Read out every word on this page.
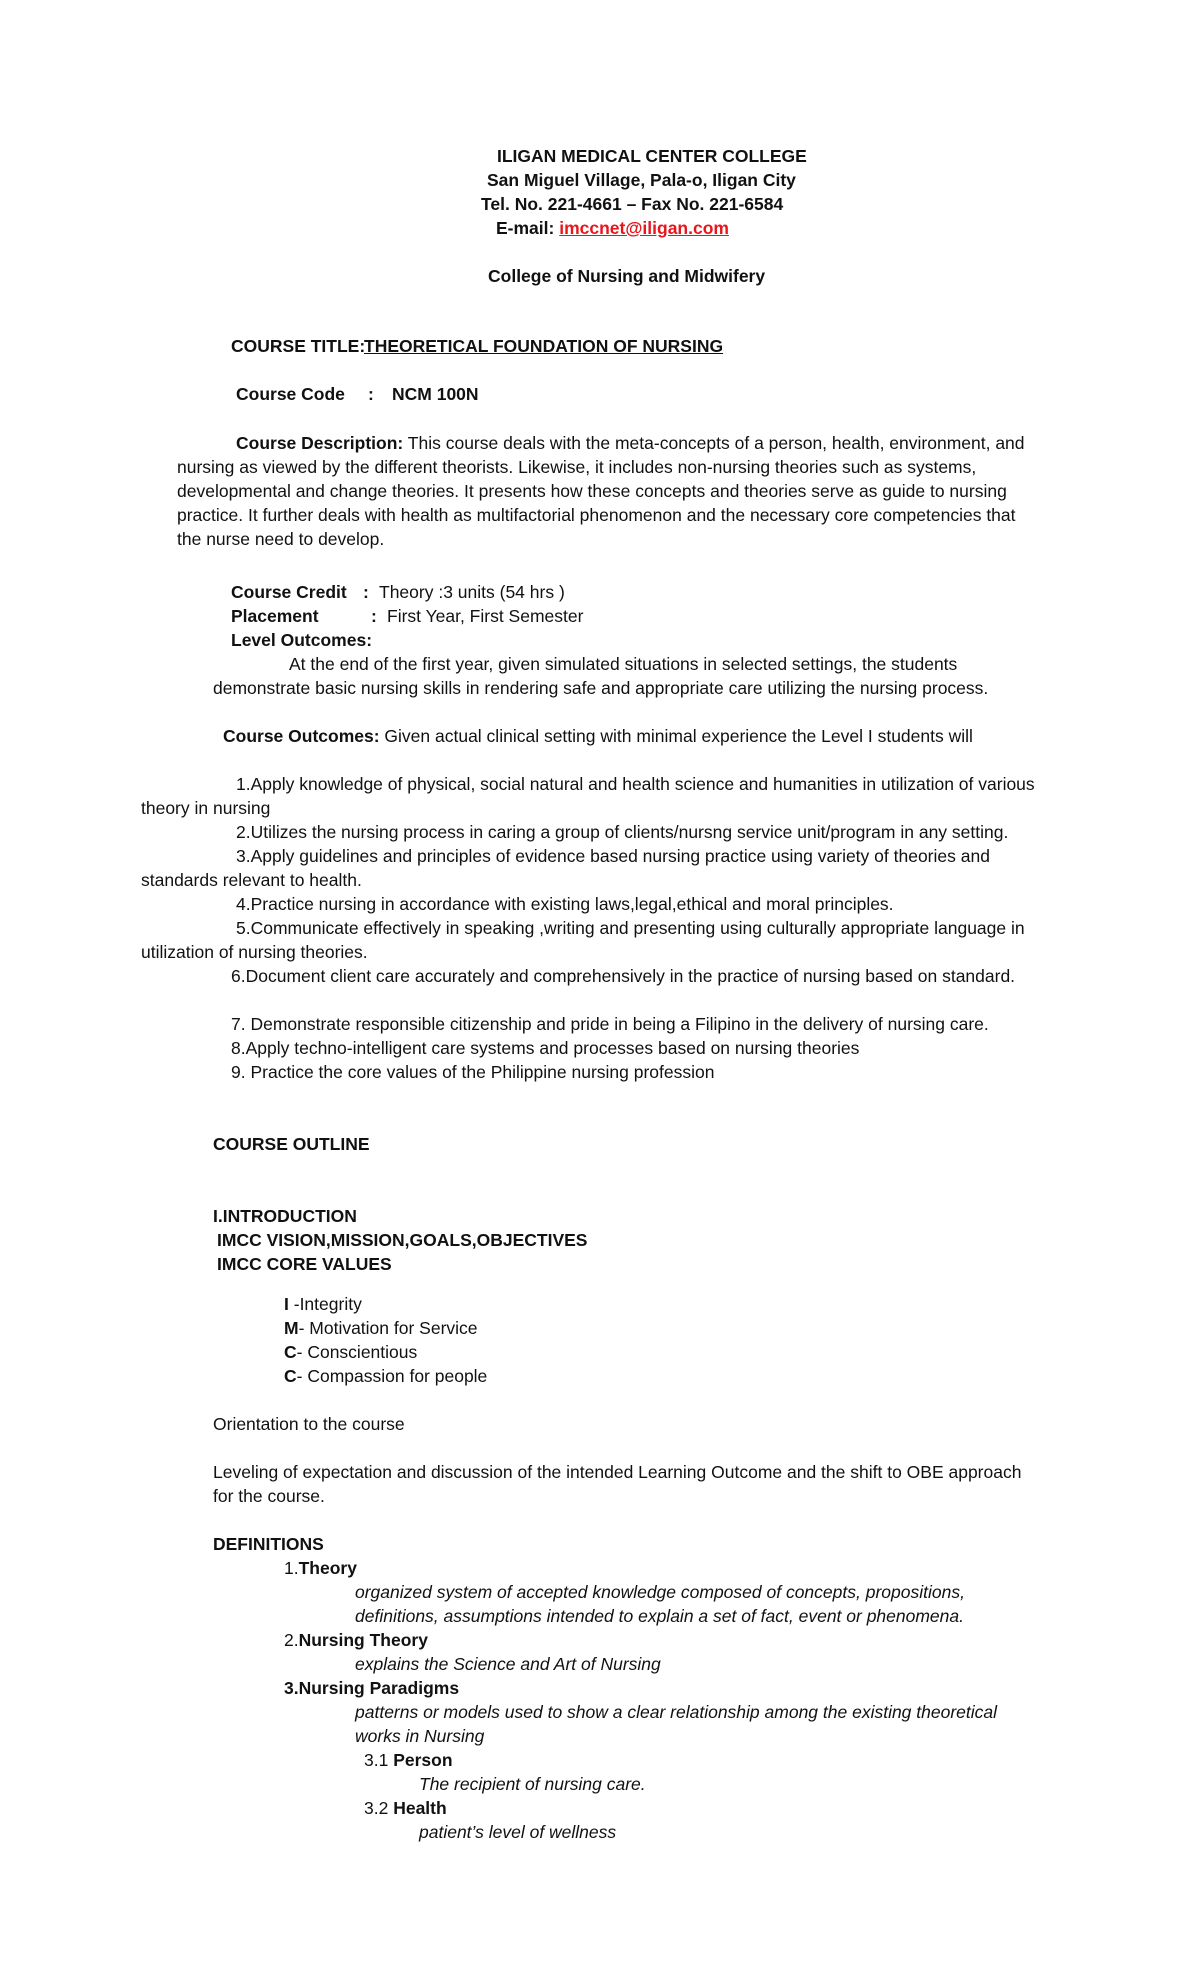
ILIGAN MEDICAL CENTER COLLEGE
San Miguel Village, Pala-o, Iligan City
Tel. No. 221-4661 – Fax No. 221-6584
E-mail: imccnet@iligan.com
College of Nursing and Midwifery
COURSE TITLE:
THEORETICAL FOUNDATION OF NURSING
Course Code : NCM 100N
Course Description: This course deals with the meta-concepts of a person, health, environment, and
nursing as viewed by the different theorists. Likewise, it includes non-nursing theories such as systems,
developmental and change theories. It presents how these concepts and theories serve as guide to nursing
practice. It further deals with health as multifactorial phenomenon and the necessary core competencies that
the nurse need to develop.
Course Credit : Theory :3 units (54 hrs )
Placement	: First Year, First Semester
Level Outcomes:
At the end of the first year, given simulated situations in selected settings, the students
demonstrate basic nursing skills in rendering safe and appropriate care utilizing the nursing process.
Course Outcomes: Given actual clinical setting with minimal experience the Level I students will
1.Apply knowledge of physical, social natural and health science and humanities in utilization of various
theory in nursing
2.Utilizes the nursing process in caring a group of clients/nursng service unit/program in any setting.
3.Apply guidelines and principles of evidence based nursing practice using variety of theories and
standards relevant to health.
4.Practice nursing in accordance with existing laws,legal,ethical and moral principles.
5.Communicate effectively in speaking ,writing and presenting using culturally appropriate language in
utilization of nursing theories.
6.Document client care accurately and comprehensively in the practice of nursing based on standard.
7. Demonstrate responsible citizenship and pride in being a Filipino in the delivery of nursing care.
8.Apply techno-intelligent care systems and processes based on nursing theories
9. Practice the core values of the Philippine nursing profession
COURSE OUTLINE
I.INTRODUCTION
IMCC VISION,MISSION,GOALS,OBJECTIVES
IMCC CORE VALUES
I -Integrity
M- Motivation for Service
C- Conscientious
C- Compassion for people
Orientation to the course
Leveling of expectation and discussion of the intended Learning Outcome and the shift to OBE approach
for the course.
DEFINITIONS
1.Theory
organized system of accepted knowledge composed of concepts, propositions,
definitions, assumptions intended to explain a set of fact, event or phenomena.
2.Nursing Theory
explains the Science and Art of Nursing
3.Nursing Paradigms
patterns or models used to show a clear relationship among the existing theoretical
works in Nursing
3.1 Person
The recipient of nursing care.
3.2 Health
patient’s level of wellness
